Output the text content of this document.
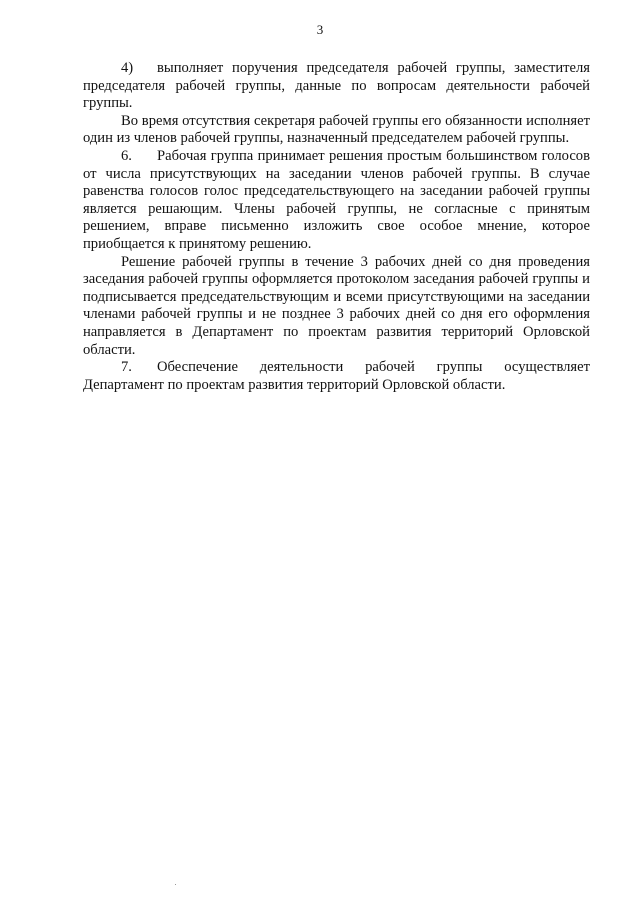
3

4) выполняет поручения председателя рабочей группы, заместителя председателя рабочей группы, данные по вопросам деятельности рабочей группы.

Во время отсутствия секретаря рабочей группы его обязанности исполняет один из членов рабочей группы, назначенный председателем рабочей группы.

6. Рабочая группа принимает решения простым большинством голосов от числа присутствующих на заседании членов рабочей группы. В случае равенства голосов голос председательствующего на заседании рабочей группы является решающим. Члены рабочей группы, не согласные с принятым решением, вправе письменно изложить свое особое мнение, которое приобщается к принятому решению.

Решение рабочей группы в течение 3 рабочих дней со дня проведения заседания рабочей группы оформляется протоколом заседания рабочей группы и подписывается председательствующим и всеми присутствующими на заседании членами рабочей группы и не позднее 3 рабочих дней со дня его оформления направляется в Департамент по проектам развития территорий Орловской области.

7. Обеспечение деятельности рабочей группы осуществляет Департамент по проектам развития территорий Орловской области.
